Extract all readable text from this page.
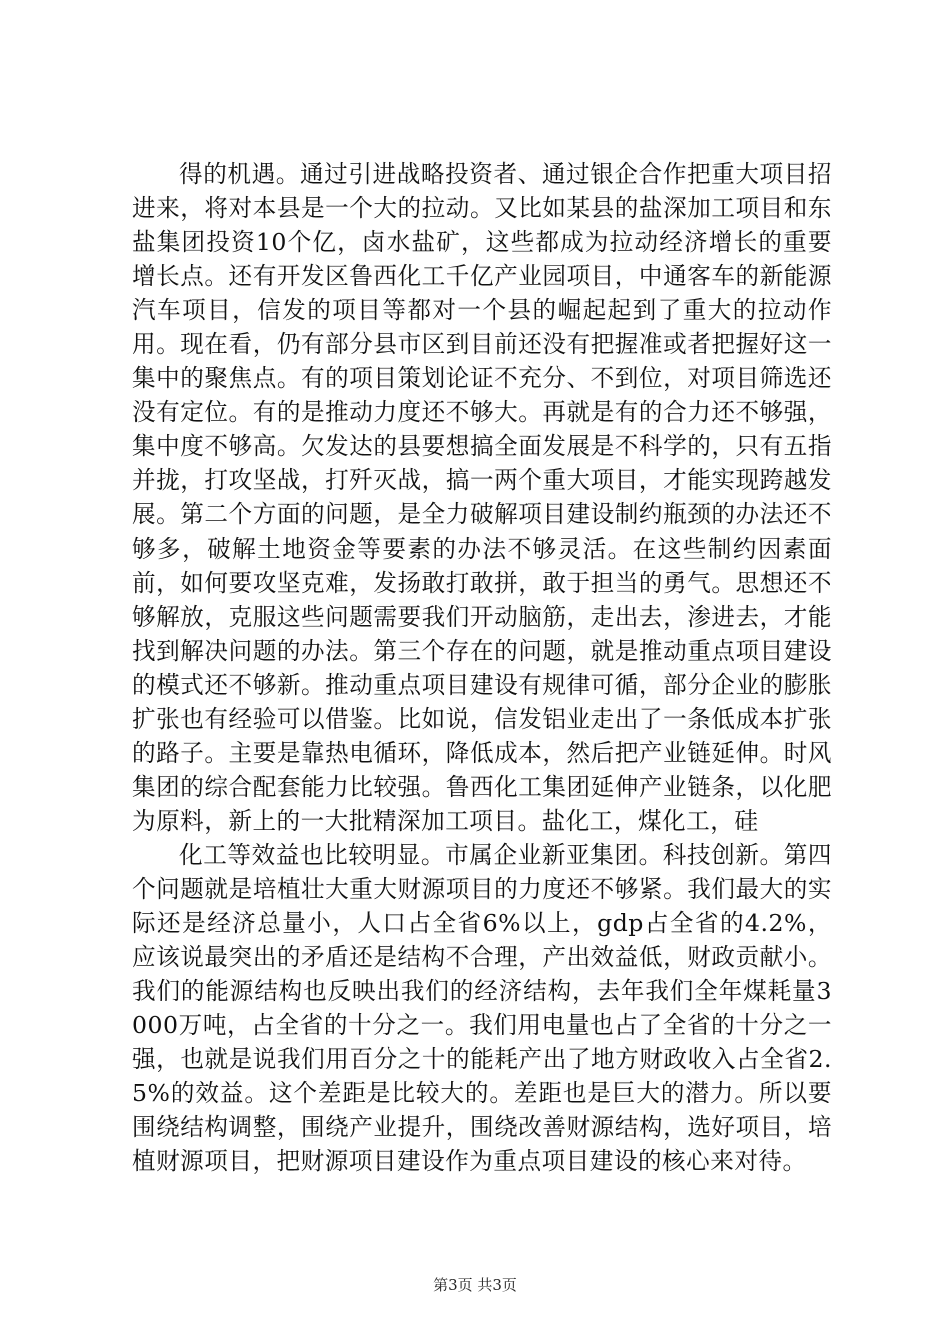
得的机遇。通过引进战略投资者、通过银企合作把重大项目招进来，将对本县是一个大的拉动。又比如某县的盐深加工项目和东盐集团投资10个亿，卤水盐矿，这些都成为拉动经济增长的重要增长点。还有开发区鲁西化工千亿产业园项目，中通客车的新能源汽车项目，信发的项目等都对一个县的崛起起到了重大的拉动作用。现在看，仍有部分县市区到目前还没有把握准或者把握好这一集中的聚焦点。有的项目策划论证不充分、不到位，对项目筛选还没有定位。有的是推动力度还不够大。再就是有的合力还不够强，集中度不够高。欠发达的县要想搞全面发展是不科学的，只有五指并拢，打攻坚战，打歼灭战，搞一两个重大项目，才能实现跨越发展。第二个方面的问题，是全力破解项目建设制约瓶颈的办法还不够多，破解土地资金等要素的办法不够灵活。在这些制约因素面前，如何要攻坚克难，发扬敢打敢拼，敢于担当的勇气。思想还不够解放，克服这些问题需要我们开动脑筋，走出去，渗进去，才能找到解决问题的办法。第三个存在的问题，就是推动重点项目建设的模式还不够新。推动重点项目建设有规律可循，部分企业的膨胀扩张也有经验可以借鉴。比如说，信发铝业走出了一条低成本扩张的路子。主要是靠热电循环，降低成本，然后把产业链延伸。时风集团的综合配套能力比较强。鲁西化工集团延伸产业链条，以化肥为原料，新上的一大批精深加工项目。盐化工，煤化工，硅

化工等效益也比较明显。市属企业新亚集团。科技创新。第四个问题就是培植壮大重大财源项目的力度还不够紧。我们最大的实际还是经济总量小，人口占全省6%以上，gdp占全省的4.2%，应该说最突出的矛盾还是结构不合理，产出效益低，财政贡献小。我们的能源结构也反映出我们的经济结构，去年我们全年煤耗量3000万吨，占全省的十分之一。我们用电量也占了全省的十分之一强，也就是说我们用百分之十的能耗产出了地方财政收入占全省2.5%的效益。这个差距是比较大的。差距也是巨大的潜力。所以要围绕结构调整，围绕产业提升，围绕改善财源结构，选好项目，培植财源项目，把财源项目建设作为重点项目建设的核心来对待。

第3页 共3页
